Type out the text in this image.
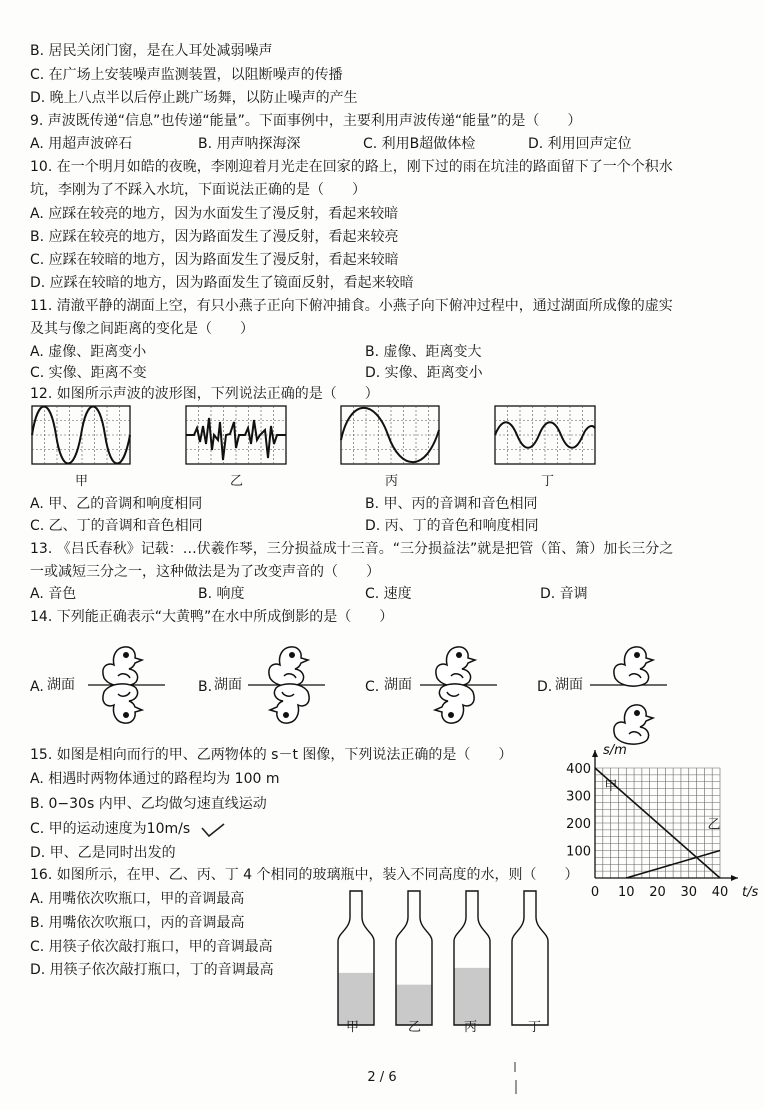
B. 居民关闭门窗，是在人耳处减弱噪声
C. 在广场上安装噪声监测装置，以阻断噪声的传播
D. 晚上八点半以后停止跳广场舞，以防止噪声的产生
9. 声波既传递“信息”也传递“能量”。下面事例中，主要利用声波传递“能量”的是（　　）
A. 用超声波碎石	B. 用声呐探海深	C. 利用B超做体检	D. 利用回声定位
10. 在一个明月如皓的夜晚，李刚迎着月光走在回家的路上，刚下过的雨在坑洼的路面留下了一个个积水
坑，李刚为了不踩入水坑，下面说法正确的是（　　）
A. 应踩在较亮的地方，因为水面发生了漫反射，看起来较暗
B. 应踩在较亮的地方，因为路面发生了漫反射，看起来较亮
C. 应踩在较暗的地方，因为路面发生了漫反射，看起来较暗
D. 应踩在较暗的地方，因为路面发生了镜面反射，看起来较暗
11. 清澈平静的湖面上空，有只小燕子正向下俯冲捕食。小燕子向下俯冲过程中，通过湖面所成像的虚实
及其与像之间距离的变化是（　　）
A. 虚像、距离变小	B. 虚像、距离变大
C. 实像、距离不变	D. 实像、距离变小
12. 如图所示声波的波形图，下列说法正确的是（　　）
甲	乙	丙	丁
A. 甲、乙的音调和响度相同	B. 甲、丙的音调和音色相同
C. 乙、丁的音调和音色相同	D. 丙、丁的音色和响度相同
13. 《吕氏春秋》记载：…伏羲作琴，三分损益成十三音。“三分损益法”就是把管（笛、箫）加长三分之
一或减短三分之一，这种做法是为了改变声音的（　　）
A. 音色	B. 响度	C. 速度	D. 音调
14. 下列能正确表示“大黄鸭”在水中所成倒影的是（　　）
A. 湖面	B. 湖面	C. 湖面	D. 湖面
15. 如图是相向而行的甲、乙两物体的 s－t 图像，下列说法正确的是（　　）
A. 相遇时两物体通过的路程均为 100 m
B. 0−30s 内甲、乙均做匀速直线运动
C. 甲的运动速度为10m/s
D. 甲、乙是同时出发的
0 10 20 30 40
100
200
300
400
t/s
s/m
甲
乙
16. 如图所示，在甲、乙、丙、丁 4 个相同的玻璃瓶中，装入不同高度的水，则（　　）
A. 用嘴依次吹瓶口，甲的音调最高
B. 用嘴依次吹瓶口，丙的音调最高
C. 用筷子依次敲打瓶口，甲的音调最高
D. 用筷子依次敲打瓶口，丁的音调最高
甲	乙	丙	丁
2 / 6
